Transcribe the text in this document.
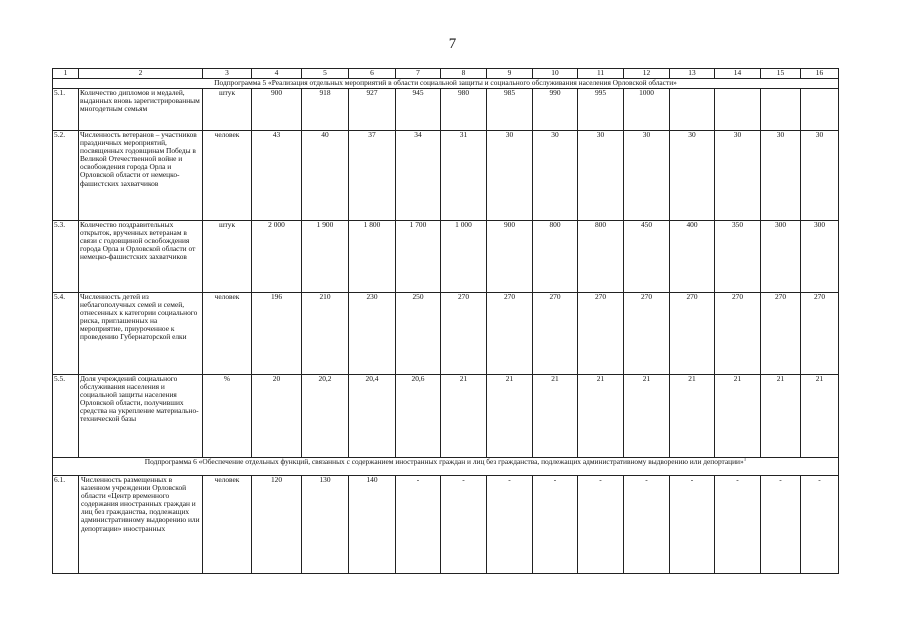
7
1	2	3	4	5	6	7	8	9	10	11	12	13	14	15	16
Подпрограмма 5 «Реализация отдельных мероприятий в области социальной защиты и социального обслуживания населения Орловской области»															
5.1.	Количество дипломов и медалей, выданных вновь зарегистрированным многодетным семьям	штук	900	918	927	945	980	985	990	995	1000				
5.2.	Численность ветеранов – участников праздничных мероприятий, посвященных годовщинам Победы в Великой Отечественной войне и освобождения города Орла и Орловской области от немецко-фашистских захватчиков	человек	43	40	37	34	31	30	30	30	30	30	30	30	30
5.3.	Количество поздравительных открыток, врученных ветеранам в связи с годовщиной освобождения города Орла и Орловской области от немецко-фашистских захватчиков	штук	2 000	1 900	1 800	1 700	1 000	900	800	800	450	400	350	300	300
5.4.	Численность детей из неблагополучных семей и семей, отнесенных к категории социального риска, приглашенных на мероприятие, приуроченное к проведению Губернаторской елки	человек	196	210	230	250	270	270	270	270	270	270	270	270	270
5.5.	Доля учреждений социального обслуживания населения и социальной защиты населения Орловской области, получивших средства на укрепление материально-технической базы	%	20	20,2	20,4	20,6	21	21	21	21	21	21	21	21	21
Подпрограмма 6 «Обеспечение отдельных функций, связанных с содержанием иностранных граждан и лиц без гражданства, подлежащих административному выдворению или депортации»$^1$
6.1.	Численность размещенных в казенном учреждении Орловской области «Центр временного содержания иностранных граждан и лиц без гражданства, подлежащих административному выдворению или депортации» иностранных	человек	120	130	140	-	-	-	-	-	-	-	-	-	-
